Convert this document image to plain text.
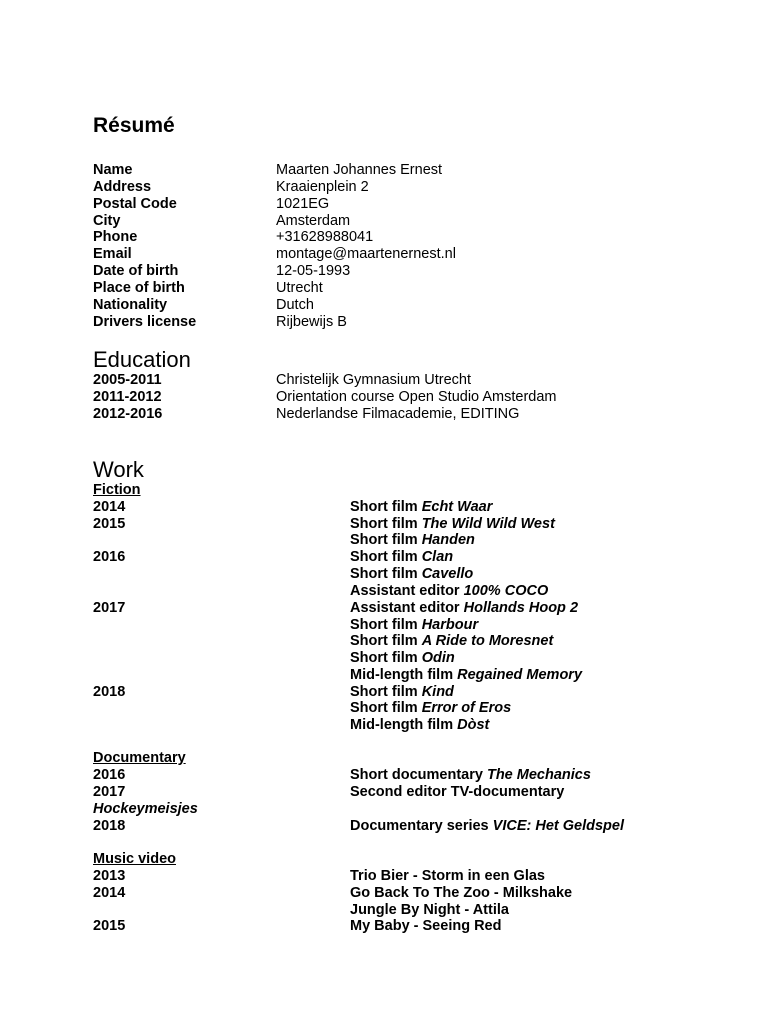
Résumé
Name	Maarten Johannes Ernest
Address	Kraaienplein 2
Postal Code	1021EG
City	Amsterdam
Phone	+31628988041
Email	montage@maartenernest.nl
Date of birth	12-05-1993
Place of birth	Utrecht
Nationality	Dutch
Drivers license	Rijbewijs B
Education
2005-2011	Christelijk Gymnasium Utrecht
2011-2012	Orientation course Open Studio Amsterdam
2012-2016	Nederlandse Filmacademie, EDITING
Work
Fiction
2014	Short film Echt Waar
2015	Short film The Wild Wild West
Short film Handen
2016	Short film Clan
Short film Cavello
Assistant editor 100% COCO
2017	Assistant editor Hollands Hoop 2
Short film Harbour
Short film A Ride to Moresnet
Short film Odin
Mid-length film Regained Memory
2018	Short film Kind
Short film Error of Eros
Mid-length film Dòst
Documentary
2016	Short documentary The Mechanics
2017	Second editor TV-documentary
Hockeymeisjes
2018	Documentary series VICE: Het Geldspel
Music video
2013	Trio Bier - Storm in een Glas
2014	Go Back To The Zoo - Milkshake
Jungle By Night - Attila
2015	My Baby - Seeing Red
